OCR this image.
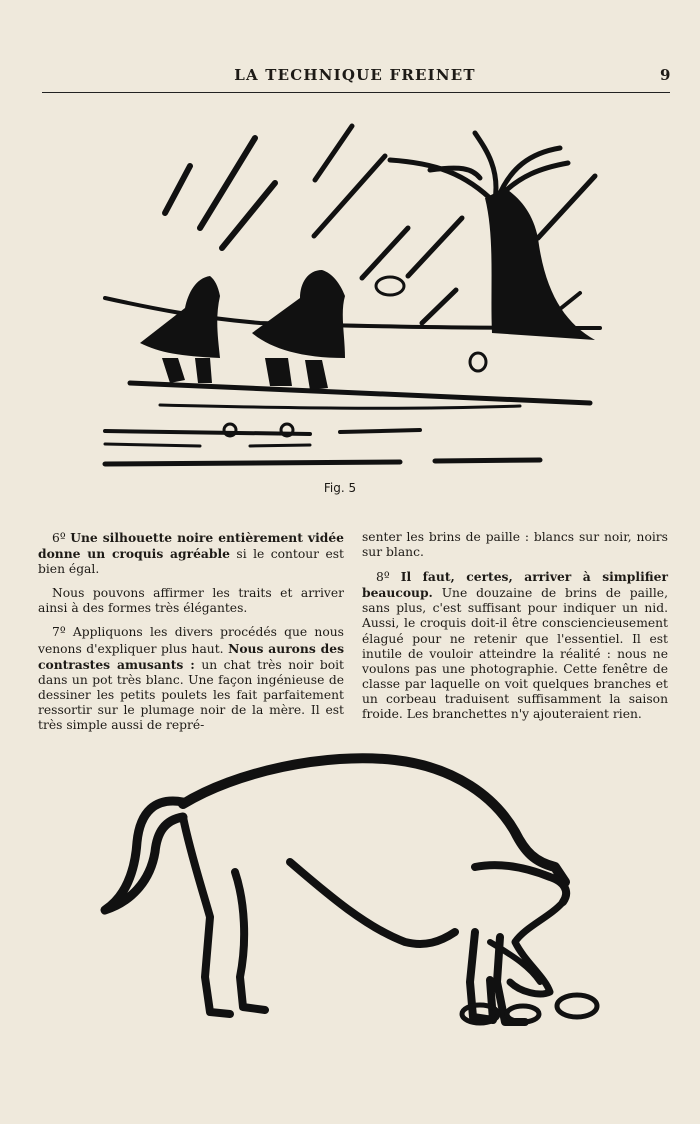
LA TECHNIQUE FREINET	9
Fig. 5

6º Une silhouette noire entièrement vidée donne un croquis agréable si le contour est bien égal.

Nous pouvons affirmer les traits et arriver ainsi à des formes très élégantes.

7º Appliquons les divers procédés que nous venons d'expliquer plus haut. Nous aurons des contrastes amusants : un chat très noir boit dans un pot très blanc. Une façon ingénieuse de dessiner les petits poulets les fait parfaitement ressortir sur le plumage noir de la mère. Il est très simple aussi de repré-

senter les brins de paille : blancs sur noir, noirs sur blanc.

8º Il faut, certes, arriver à simplifier beaucoup. Une douzaine de brins de paille, sans plus, c'est suffisant pour indiquer un nid. Aussi, le croquis doit-il être consciencieusement élagué pour ne retenir que l'essentiel. Il est inutile de vouloir atteindre la réalité : nous ne voulons pas une photographie. Cette fenêtre de classe par laquelle on voit quelques branches et un corbeau traduisent suffisamment la saison froide. Les branchettes n'y ajouteraient rien.
